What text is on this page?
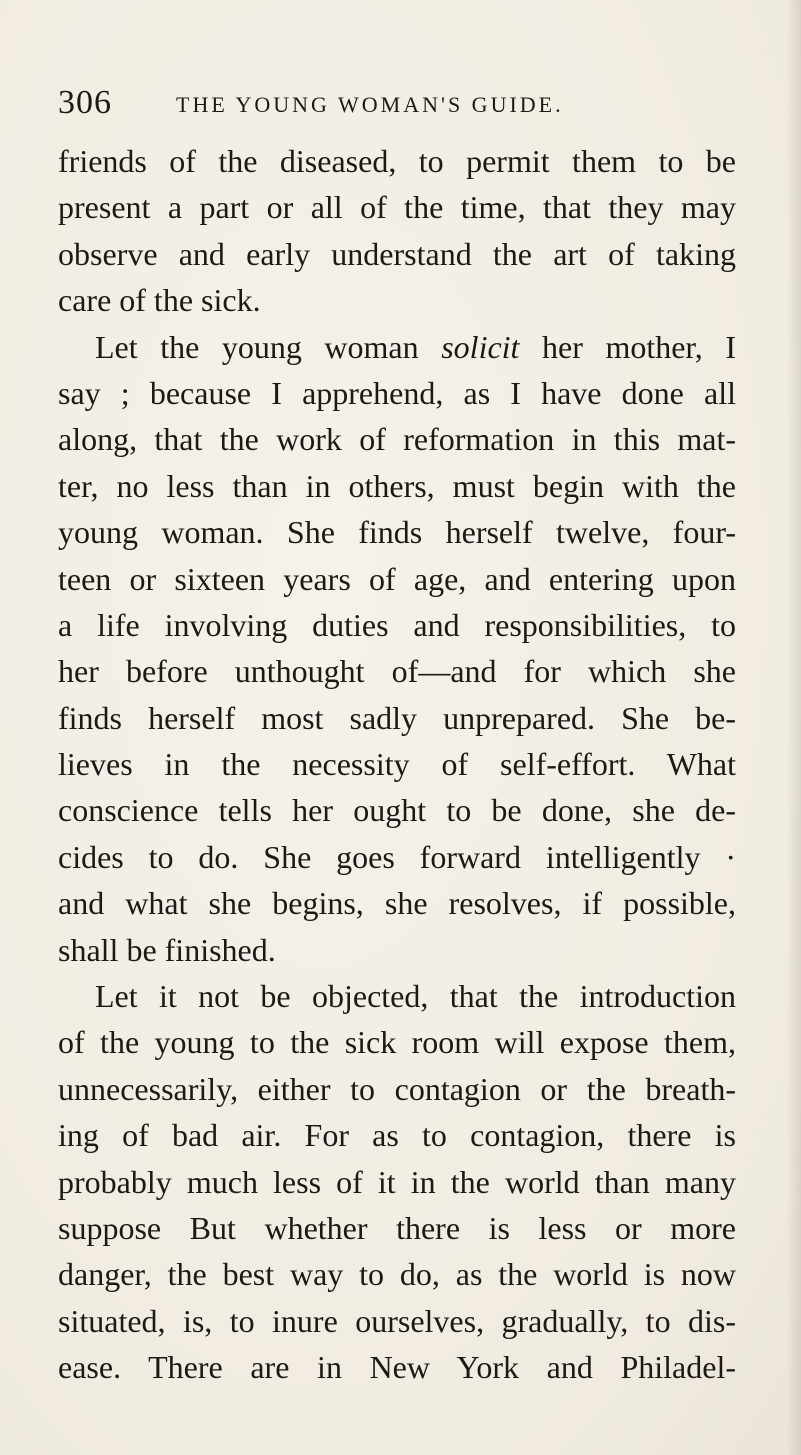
306	THE YOUNG WOMAN'S GUIDE.
friends of the diseased, to permit them to be
present a part or all of the time, that they may
observe and early understand the art of taking
care of the sick.
Let the young woman solicit her mother, I
say ; because I apprehend, as I have done all
along, that the work of reformation in this mat-
ter, no less than in others, must begin with the
young woman. She finds herself twelve, four-
teen or sixteen years of age, and entering upon
a life involving duties and responsibilities, to
her before unthought of—and for which she
finds herself most sadly unprepared. She be-
lieves in the necessity of self-effort. What
conscience tells her ought to be done, she de-
cides to do. She goes forward intelligently ·
and what she begins, she resolves, if possible,
shall be finished.
Let it not be objected, that the introduction
of the young to the sick room will expose them,
unnecessarily, either to contagion or the breath-
ing of bad air. For as to contagion, there is
probably much less of it in the world than many
suppose But whether there is less or more
danger, the best way to do, as the world is now
situated, is, to inure ourselves, gradually, to dis-
ease. There are in New York and Philadel-
